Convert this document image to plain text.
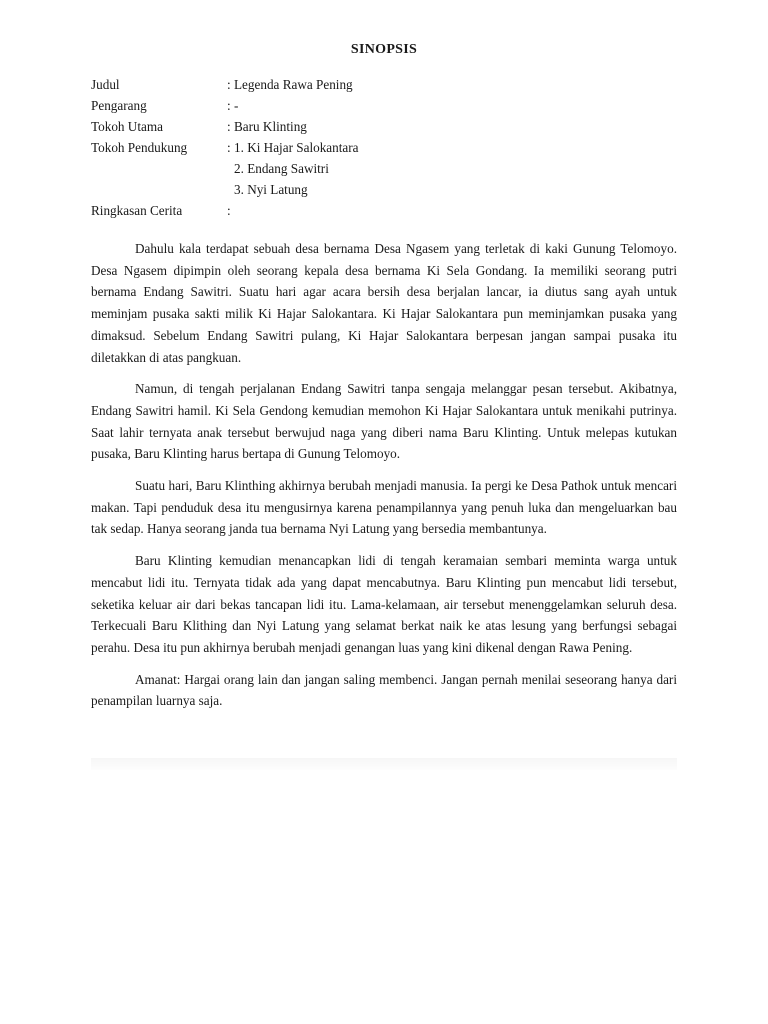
SINOPSIS
Judul	: Legenda Rawa Pening
Pengarang	: -
Tokoh Utama	: Baru Klinting
Tokoh Pendukung	: 1. Ki Hajar Salokantara
2. Endang Sawitri
3. Nyi Latung
Ringkasan Cerita	:

Dahulu kala terdapat sebuah desa bernama Desa Ngasem yang terletak di kaki Gunung Telomoyo. Desa Ngasem dipimpin oleh seorang kepala desa bernama Ki Sela Gondang. Ia memiliki seorang putri bernama Endang Sawitri. Suatu hari agar acara bersih desa berjalan lancar, ia diutus sang ayah untuk meminjam pusaka sakti milik Ki Hajar Salokantara. Ki Hajar Salokantara pun meminjamkan pusaka yang dimaksud. Sebelum Endang Sawitri pulang, Ki Hajar Salokantara berpesan jangan sampai pusaka itu diletakkan di atas pangkuan.

Namun, di tengah perjalanan Endang Sawitri tanpa sengaja melanggar pesan tersebut. Akibatnya, Endang Sawitri hamil. Ki Sela Gendong kemudian memohon Ki Hajar Salokantara untuk menikahi putrinya. Saat lahir ternyata anak tersebut berwujud naga yang diberi nama Baru Klinting. Untuk melepas kutukan pusaka, Baru Klinting harus bertapa di Gunung Telomoyo.

Suatu hari, Baru Klinthing akhirnya berubah menjadi manusia. Ia pergi ke Desa Pathok untuk mencari makan. Tapi penduduk desa itu mengusirnya karena penampilannya yang penuh luka dan mengeluarkan bau tak sedap. Hanya seorang janda tua bernama Nyi Latung yang bersedia membantunya.

Baru Klinting kemudian menancapkan lidi di tengah keramaian sembari meminta warga untuk mencabut lidi itu. Ternyata tidak ada yang dapat mencabutnya. Baru Klinting pun mencabut lidi tersebut, seketika keluar air dari bekas tancapan lidi itu. Lama-kelamaan, air tersebut menenggelamkan seluruh desa. Terkecuali Baru Klithing dan Nyi Latung yang selamat berkat naik ke atas lesung yang berfungsi sebagai perahu. Desa itu pun akhirnya berubah menjadi genangan luas yang kini dikenal dengan Rawa Pening.

Amanat: Hargai orang lain dan jangan saling membenci. Jangan pernah menilai seseorang hanya dari penampilan luarnya saja.
